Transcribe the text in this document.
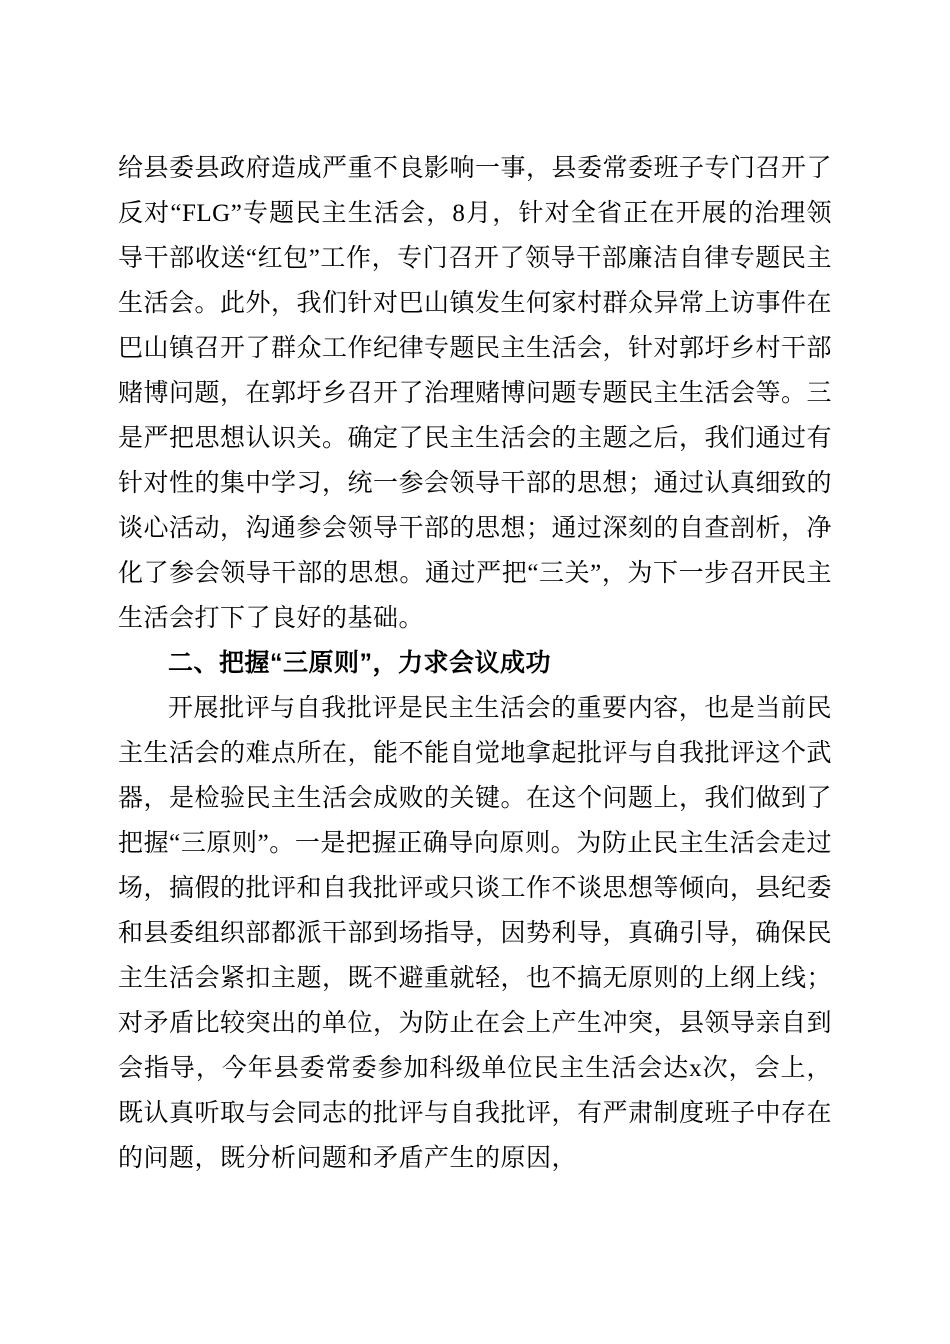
给县委县政府造成严重不良影响一事，县委常委班子专门召开了反对“FLG”专题民主生活会，8月，针对全省正在开展的治理领导干部收送“红包”工作，专门召开了领导干部廉洁自律专题民主生活会。此外，我们针对巴山镇发生何家村群众异常上访事件在巴山镇召开了群众工作纪律专题民主生活会，针对郭圩乡村干部赌博问题，在郭圩乡召开了治理赌博问题专题民主生活会等。三是严把思想认识关。确定了民主生活会的主题之后，我们通过有针对性的集中学习，统一参会领导干部的思想；通过认真细致的谈心活动，沟通参会领导干部的思想；通过深刻的自查剖析，净化了参会领导干部的思想。通过严把“三关”，为下一步召开民主生活会打下了良好的基础。

二、把握“三原则”，力求会议成功

开展批评与自我批评是民主生活会的重要内容，也是当前民主生活会的难点所在，能不能自觉地拿起批评与自我批评这个武器，是检验民主生活会成败的关键。在这个问题上，我们做到了把握“三原则”。一是把握正确导向原则。为防止民主生活会走过场，搞假的批评和自我批评或只谈工作不谈思想等倾向，县纪委和县委组织部都派干部到场指导，因势利导，真确引导，确保民主生活会紧扣主题，既不避重就轻，也不搞无原则的上纲上线；对矛盾比较突出的单位，为防止在会上产生冲突，县领导亲自到会指导，今年县委常委参加科级单位民主生活会达x次，会上，既认真听取与会同志的批评与自我批评，有严肃制度班子中存在的问题，既分析问题和矛盾产生的原因，
